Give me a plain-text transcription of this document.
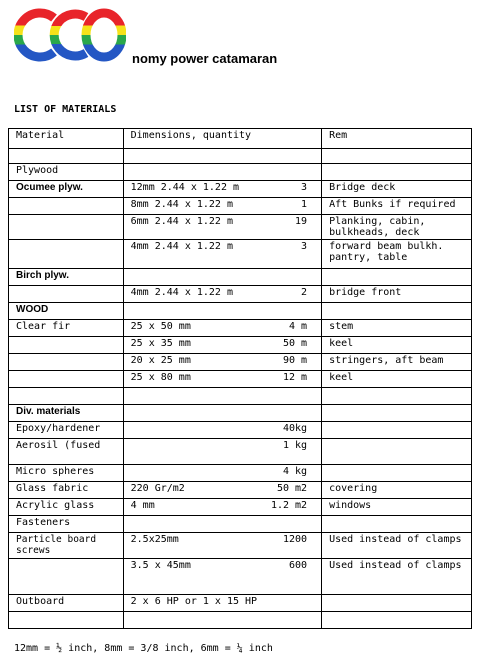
nomy power catamaran
LIST OF MATERIALS
Material	Dimensions, quantity	Rem

Plywood	

Ocumee plyw.	12mm 2.44 x 1.22 m 3	Bridge deck

	8mm 2.44 x 1.22 m 1	Aft Bunks if required

	6mm 2.44 x 1.22 m 19	Planking, cabin, bulkheads, deck

	4mm 2.44 x 1.22 m 3	forward beam bulkh. pantry, table
Birch plyw.	

	4mm 2.44 x 1.22 m 2	bridge front
WOOD	

Clear fir	25 x 50 mm 4 m	stem

	25 x 35 mm 50 m	keel

	20 x 25 mm 90 m	stringers, aft beam

	25 x 80 mm 12 m	keel

Div. materials	

Epoxy/hardener	40kg	

Aerosil (fused	1 kg	

Micro spheres	4 kg	

Glass fabric	220 Gr/m2 50 m2	covering
Acrylic glass	4 mm 1.2 m2	windows
Fasteners	

Particle board screws	2.5x25mm 1200	Used instead of clamps

	3.5 x 45mm 600	Used instead of clamps
Outboard	2 x 6 HP or 1 x 15 HP	

12mm = ½ inch, 8mm = 3/8 inch, 6mm = ¼ inch
